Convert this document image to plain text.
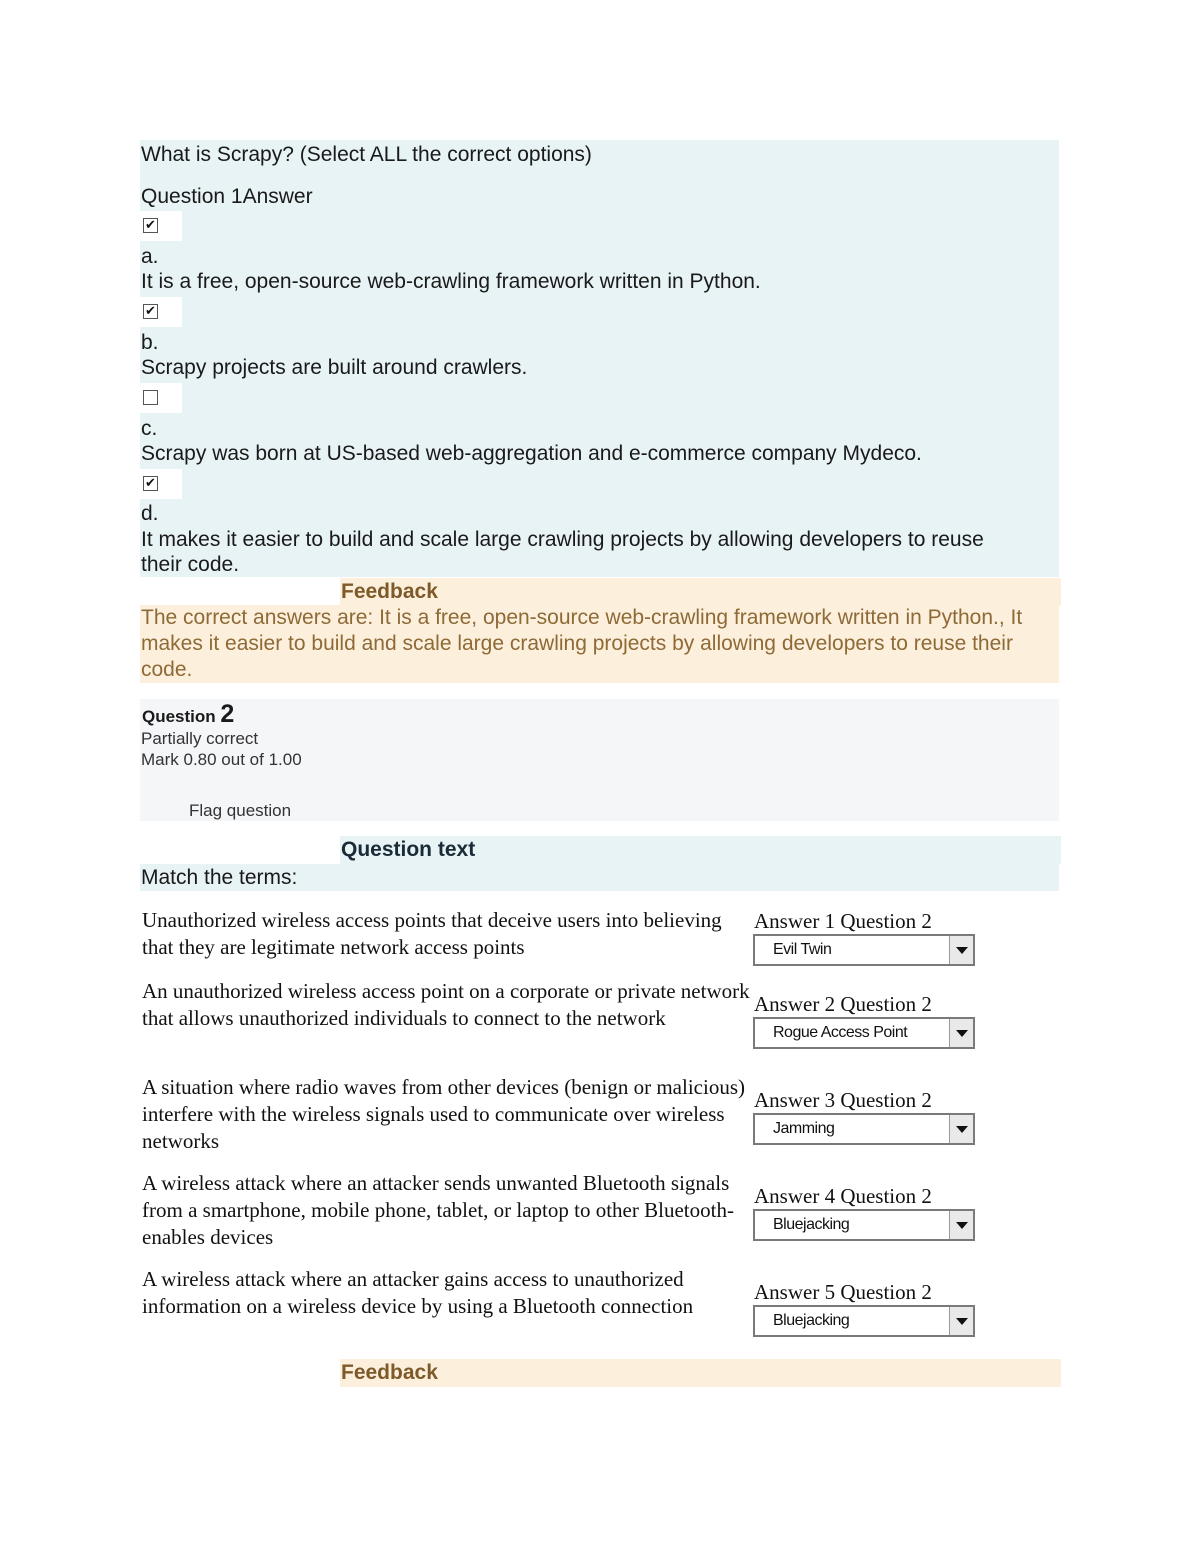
What is Scrapy? (Select ALL the correct options)
Question 1Answer
✔
a.
It is a free, open-source web-crawling framework written in Python.
✔
b.
Scrapy projects are built around crawlers.
c.
Scrapy was born at US-based web-aggregation and e-commerce company Mydeco.
✔
d.
It makes it easier to build and scale large crawling projects by allowing developers to reuse
their code.
Feedback
The correct answers are: It is a free, open-source web-crawling framework written in Python., It makes it easier to build and scale large crawling projects by allowing developers to reuse their code.
Question 2
Partially correct
Mark 0.80 out of 1.00
Flag question
Question text
Match the terms:
Unauthorized wireless access points that deceive users into believing that they are legitimate network access points
Answer 1 Question 2
Evil Twin
An unauthorized wireless access point on a corporate or private network that allows unauthorized individuals to connect to the network
Answer 2 Question 2
Rogue Access Point
A situation where radio waves from other devices (benign or malicious) interfere with the wireless signals used to communicate over wireless networks
Answer 3 Question 2
Jamming
A wireless attack where an attacker sends unwanted Bluetooth signals from a smartphone, mobile phone, tablet, or laptop to other Bluetooth-enables devices
Answer 4 Question 2
Bluejacking
A wireless attack where an attacker gains access to unauthorized information on a wireless device by using a Bluetooth connection
Answer 5 Question 2
Bluejacking
Feedback
